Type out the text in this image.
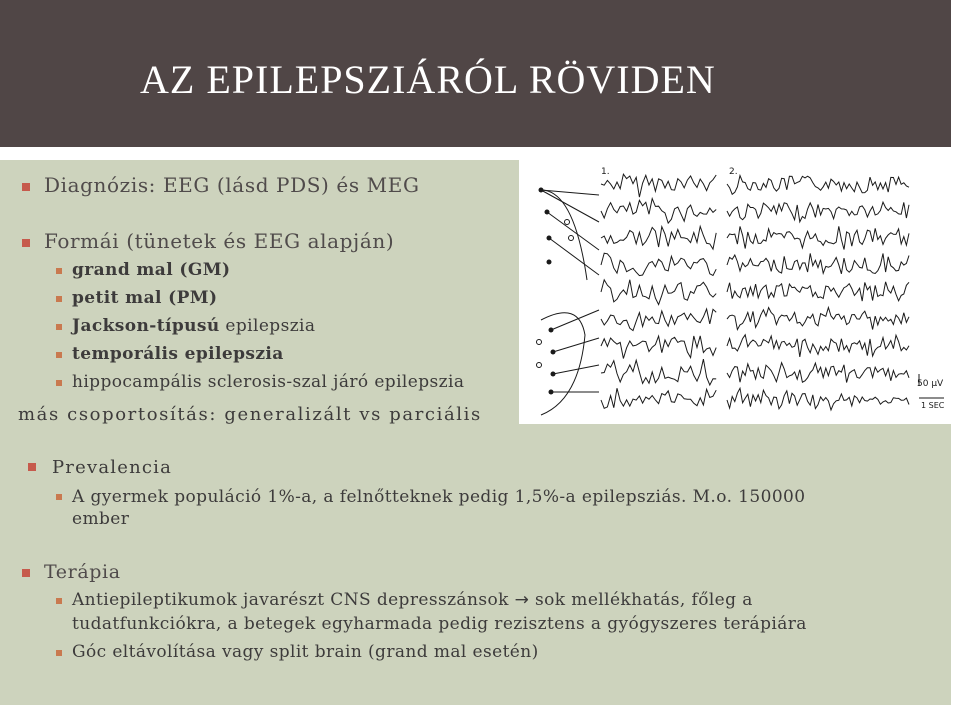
AZ EPILEPSZIÁRÓL RÖVIDEN
Diagnózis: EEG (lásd PDS) és MEG
Formái (tünetek és EEG alapján)
grand mal (GM)
petit mal (PM)
Jackson-típusú epilepszia
temporális epilepszia
hippocampális sclerosis-szal járó epilepszia
más csoportosítás: generalizált vs parciális
1.	2.
50 µV
1 SEC
Prevalencia
A gyermek populáció 1%-a, a felnőtteknek pedig 1,5%-a epilepsziás. M.o. 150000
ember
Terápia
Antiepileptikumok javarészt CNS depresszánsok → sok mellékhatás, főleg a
tudatfunkciókra, a betegek egyharmada pedig rezisztens a gyógyszeres terápiára
Góc eltávolítása vagy split brain (grand mal esetén)
